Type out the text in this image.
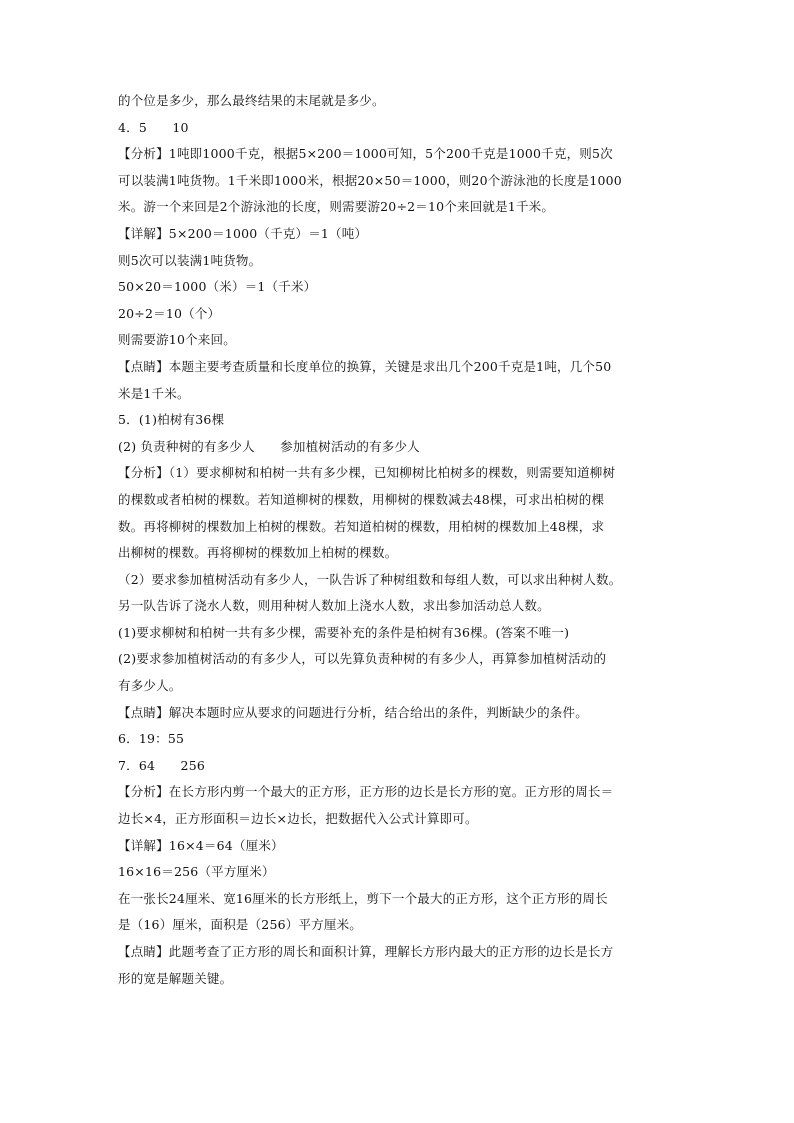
的个位是多少，那么最终结果的末尾就是多少。
4．5　　10
【分析】1吨即1000千克，根据5×200＝1000可知，5个200千克是1000千克，则5次
可以装满1吨货物。1千米即1000米，根据20×50＝1000，则20个游泳池的长度是1000
米。游一个来回是2个游泳池的长度，则需要游20÷2＝10个来回就是1千米。
【详解】5×200＝1000（千克）＝1（吨）
则5次可以装满1吨货物。
50×20＝1000（米）＝1（千米）
20÷2＝10（个）
则需要游10个来回。
【点睛】本题主要考查质量和长度单位的换算，关键是求出几个200千克是1吨，几个50
米是1千米。
5．(1)柏树有36棵
(2) 负责种树的有多少人　　参加植树活动的有多少人
【分析】（1）要求柳树和柏树一共有多少棵，已知柳树比柏树多的棵数，则需要知道柳树
的棵数或者柏树的棵数。若知道柳树的棵数，用柳树的棵数减去48棵，可求出柏树的棵
数。再将柳树的棵数加上柏树的棵数。若知道柏树的棵数，用柏树的棵数加上48棵，求
出柳树的棵数。再将柳树的棵数加上柏树的棵数。
（2）要求参加植树活动有多少人，一队告诉了种树组数和每组人数，可以求出种树人数。
另一队告诉了浇水人数，则用种树人数加上浇水人数，求出参加活动总人数。
(1)要求柳树和柏树一共有多少棵，需要补充的条件是柏树有36棵。(答案不唯一)
(2)要求参加植树活动的有多少人，可以先算负责种树的有多少人，再算参加植树活动的
有多少人。
【点睛】解决本题时应从要求的问题进行分析，结合给出的条件，判断缺少的条件。
6．19：55
7．64　　256
【分析】在长方形内剪一个最大的正方形，正方形的边长是长方形的宽。正方形的周长＝
边长×4，正方形面积＝边长×边长，把数据代入公式计算即可。
【详解】16×4＝64（厘米）
16×16＝256（平方厘米）
在一张长24厘米、宽16厘米的长方形纸上，剪下一个最大的正方形，这个正方形的周长
是（16）厘米，面积是（256）平方厘米。
【点睛】此题考查了正方形的周长和面积计算，理解长方形内最大的正方形的边长是长方
形的宽是解题关键。
